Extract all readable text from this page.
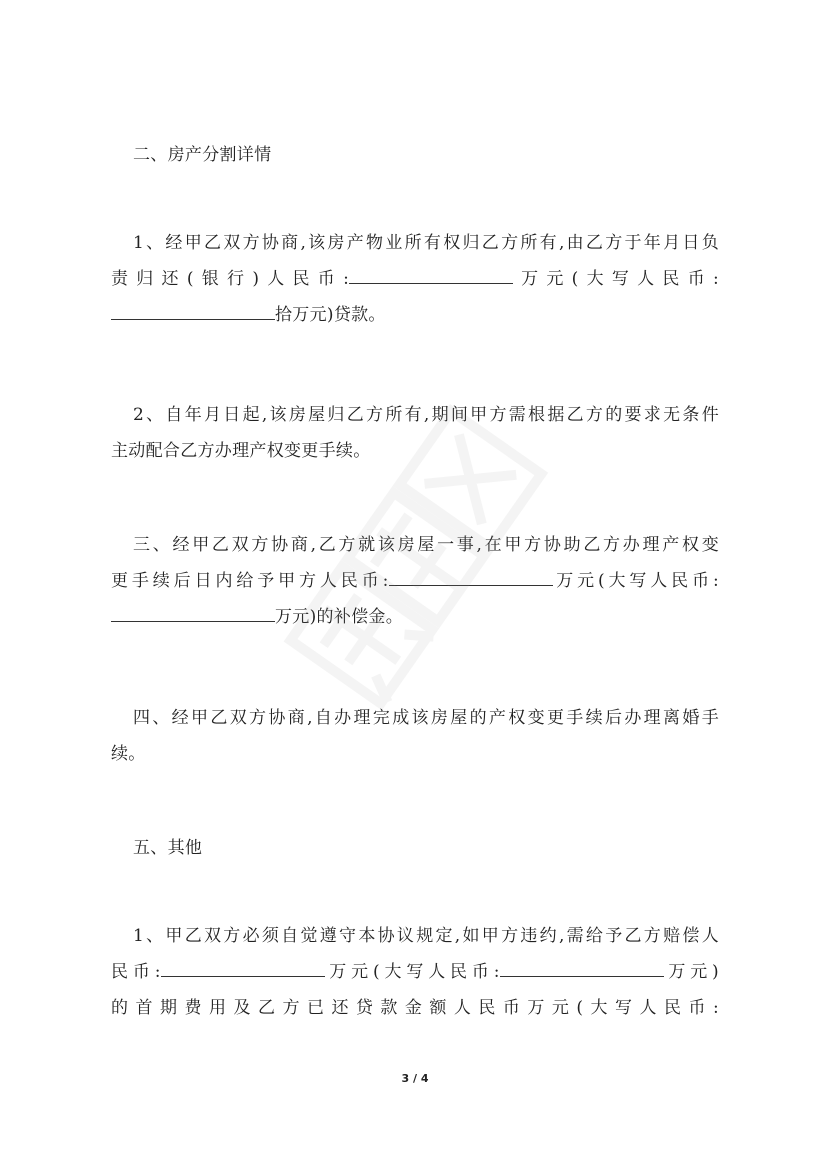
二、房产分割详情

1、经甲乙双方协商,该房产物业所有权归乙方所有,由乙方于年月日负
责归还(银行)人民币:	万元(大写人民币:
拾万元)贷款。

2、自年月日起,该房屋归乙方所有,期间甲方需根据乙方的要求无条件
主动配合乙方办理产权变更手续。

三、经甲乙双方协商,乙方就该房屋一事,在甲方协助乙方办理产权变
更手续后日内给予甲方人民币:	万元(大写人民币:
万元)的补偿金。

四、经甲乙双方协商,自办理完成该房屋的产权变更手续后办理离婚手
续。

五、其他

1、甲乙双方必须自觉遵守本协议规定,如甲方违约,需给予乙方赔偿人
民币:	万元(大写人民币:	万元)
的首期费用及乙方已还贷款金额人民币万元(大写人民币:

3 / 4
